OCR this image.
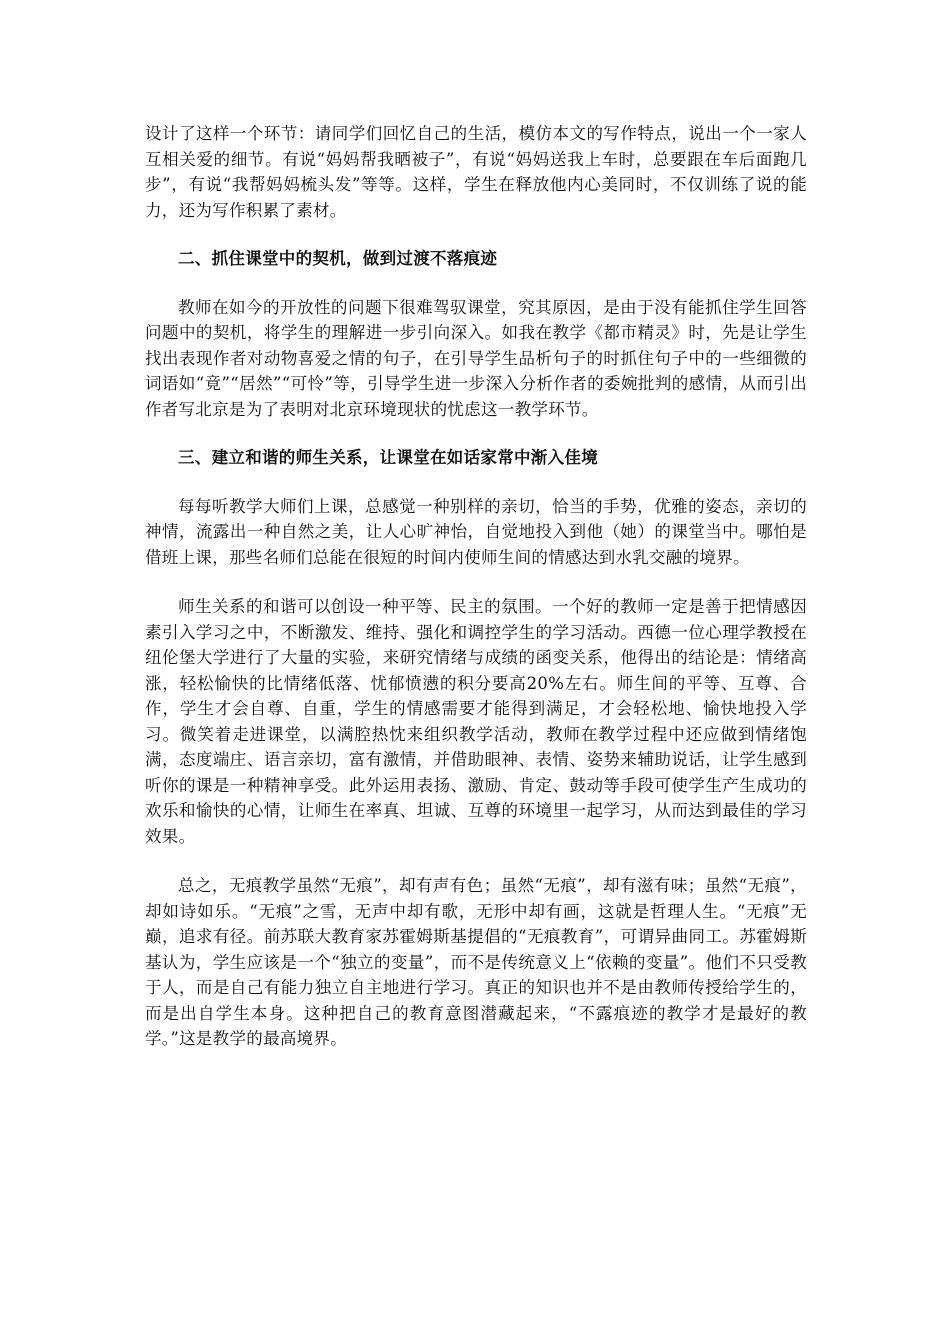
设计了这样一个环节：请同学们回忆自己的生活，模仿本文的写作特点，说出一个一家人互相关爱的细节。有说“妈妈帮我晒被子”，有说“妈妈送我上车时，总要跟在车后面跑几步”，有说“我帮妈妈梳头发”等等。这样，学生在释放他内心美同时，不仅训练了说的能力，还为写作积累了素材。

二、抓住课堂中的契机，做到过渡不落痕迹

教师在如今的开放性的问题下很难驾驭课堂，究其原因，是由于没有能抓住学生回答问题中的契机，将学生的理解进一步引向深入。如我在教学《都市精灵》时，先是让学生找出表现作者对动物喜爱之情的句子，在引导学生品析句子的时抓住句子中的一些细微的词语如“竟”“居然”“可怜”等，引导学生进一步深入分析作者的委婉批判的感情，从而引出作者写北京是为了表明对北京环境现状的忧虑这一教学环节。

三、建立和谐的师生关系，让课堂在如话家常中渐入佳境

每每听教学大师们上课，总感觉一种别样的亲切，恰当的手势，优雅的姿态，亲切的神情，流露出一种自然之美，让人心旷神怡，自觉地投入到他（她）的课堂当中。哪怕是借班上课，那些名师们总能在很短的时间内使师生间的情感达到水乳交融的境界。

师生关系的和谐可以创设一种平等、民主的氛围。一个好的教师一定是善于把情感因素引入学习之中，不断激发、维持、强化和调控学生的学习活动。西德一位心理学教授在纽伦堡大学进行了大量的实验，来研究情绪与成绩的函变关系，他得出的结论是：情绪高涨，轻松愉快的比情绪低落、忧郁愤懑的积分要高20%左右。师生间的平等、互尊、合作，学生才会自尊、自重，学生的情感需要才能得到满足，才会轻松地、愉快地投入学习。微笑着走进课堂，以满腔热忱来组织教学活动，教师在教学过程中还应做到情绪饱满，态度端庄、语言亲切，富有激情，并借助眼神、表情、姿势来辅助说话，让学生感到听你的课是一种精神享受。此外运用表扬、激励、肯定、鼓动等手段可使学生产生成功的欢乐和愉快的心情，让师生在率真、坦诚、互尊的环境里一起学习，从而达到最佳的学习效果。

总之，无痕教学虽然“无痕”，却有声有色；虽然“无痕”，却有滋有味；虽然“无痕”，却如诗如乐。“无痕”之雪，无声中却有歌，无形中却有画，这就是哲理人生。“无痕”无巅，追求有径。前苏联大教育家苏霍姆斯基提倡的“无痕教育”，可谓异曲同工。苏霍姆斯基认为，学生应该是一个“独立的变量”，而不是传统意义上“依赖的变量”。他们不只受教于人，而是自己有能力独立自主地进行学习。真正的知识也并不是由教师传授给学生的，而是出自学生本身。这种把自己的教育意图潜藏起来，“不露痕迹的教学才是最好的教学。”这是教学的最高境界。
